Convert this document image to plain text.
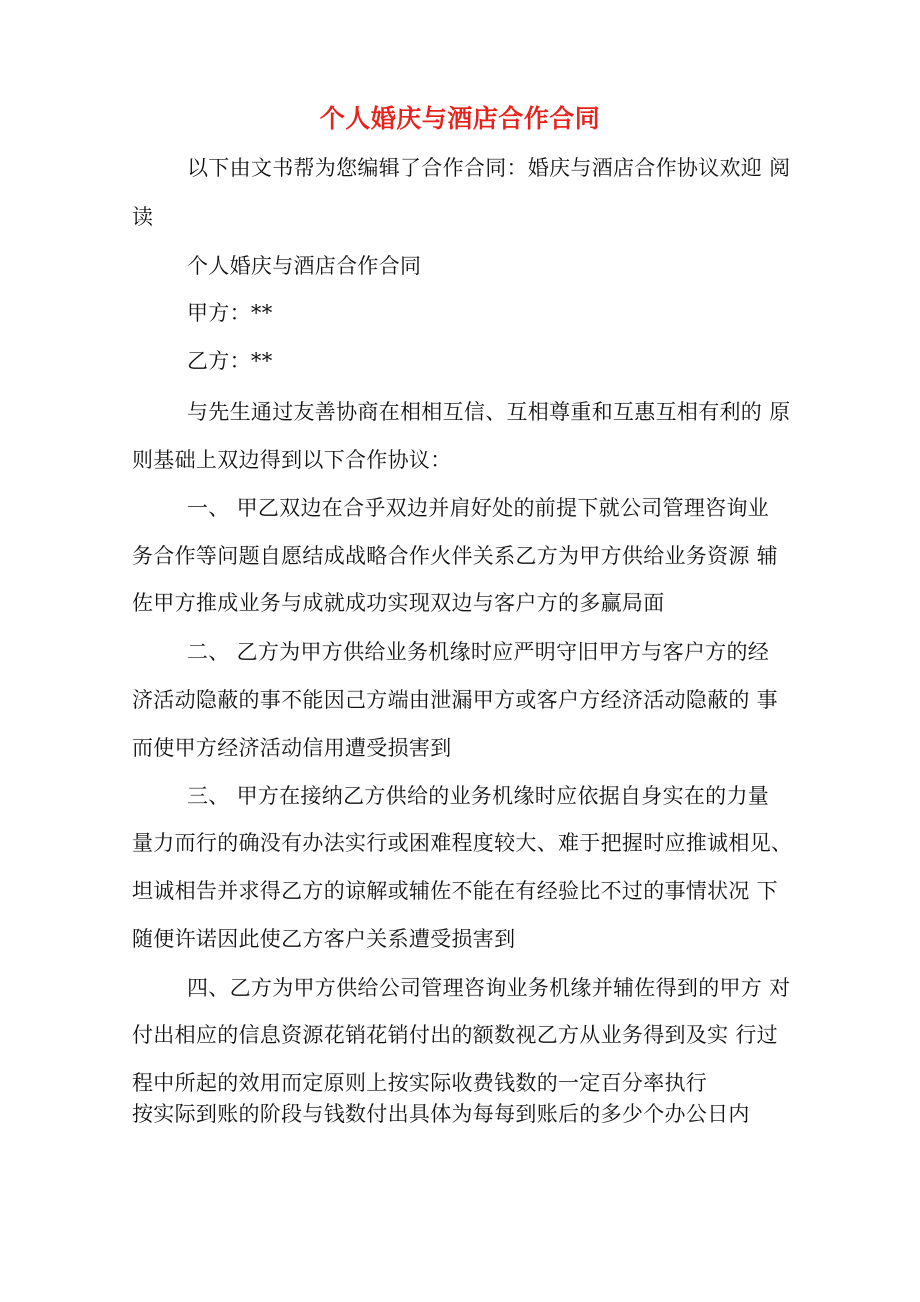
个人婚庆与酒店合作合同
以下由文书帮为您编辑了合作合同：婚庆与酒店合作协议欢迎 阅
读
个人婚庆与酒店合作合同
甲方：**
乙方：**
与先生通过友善协商在相相互信、互相尊重和互惠互相有利的 原
则基础上双边得到以下合作协议：
一、 甲乙双边在合乎双边并肩好处的前提下就公司管理咨询业
务合作等问题自愿结成战略合作火伴关系乙方为甲方供给业务资源 辅
佐甲方推成业务与成就成功实现双边与客户方的多赢局面
二、 乙方为甲方供给业务机缘时应严明守旧甲方与客户方的经
济活动隐蔽的事不能因己方端由泄漏甲方或客户方经济活动隐蔽的 事
而使甲方经济活动信用遭受损害到
三、 甲方在接纳乙方供给的业务机缘时应依据自身实在的力量
量力而行的确没有办法实行或困难程度较大、难于把握时应推诚相见、
坦诚相告并求得乙方的谅解或辅佐不能在有经验比不过的事情状况 下
随便许诺因此使乙方客户关系遭受损害到
四、乙方为甲方供给公司管理咨询业务机缘并辅佐得到的甲方 对
付出相应的信息资源花销花销付出的额数视乙方从业务得到及实 行过
程中所起的效用而定原则上按实际收费钱数的一定百分率执行
按实际到账的阶段与钱数付出具体为每每到账后的多少个办公日内
